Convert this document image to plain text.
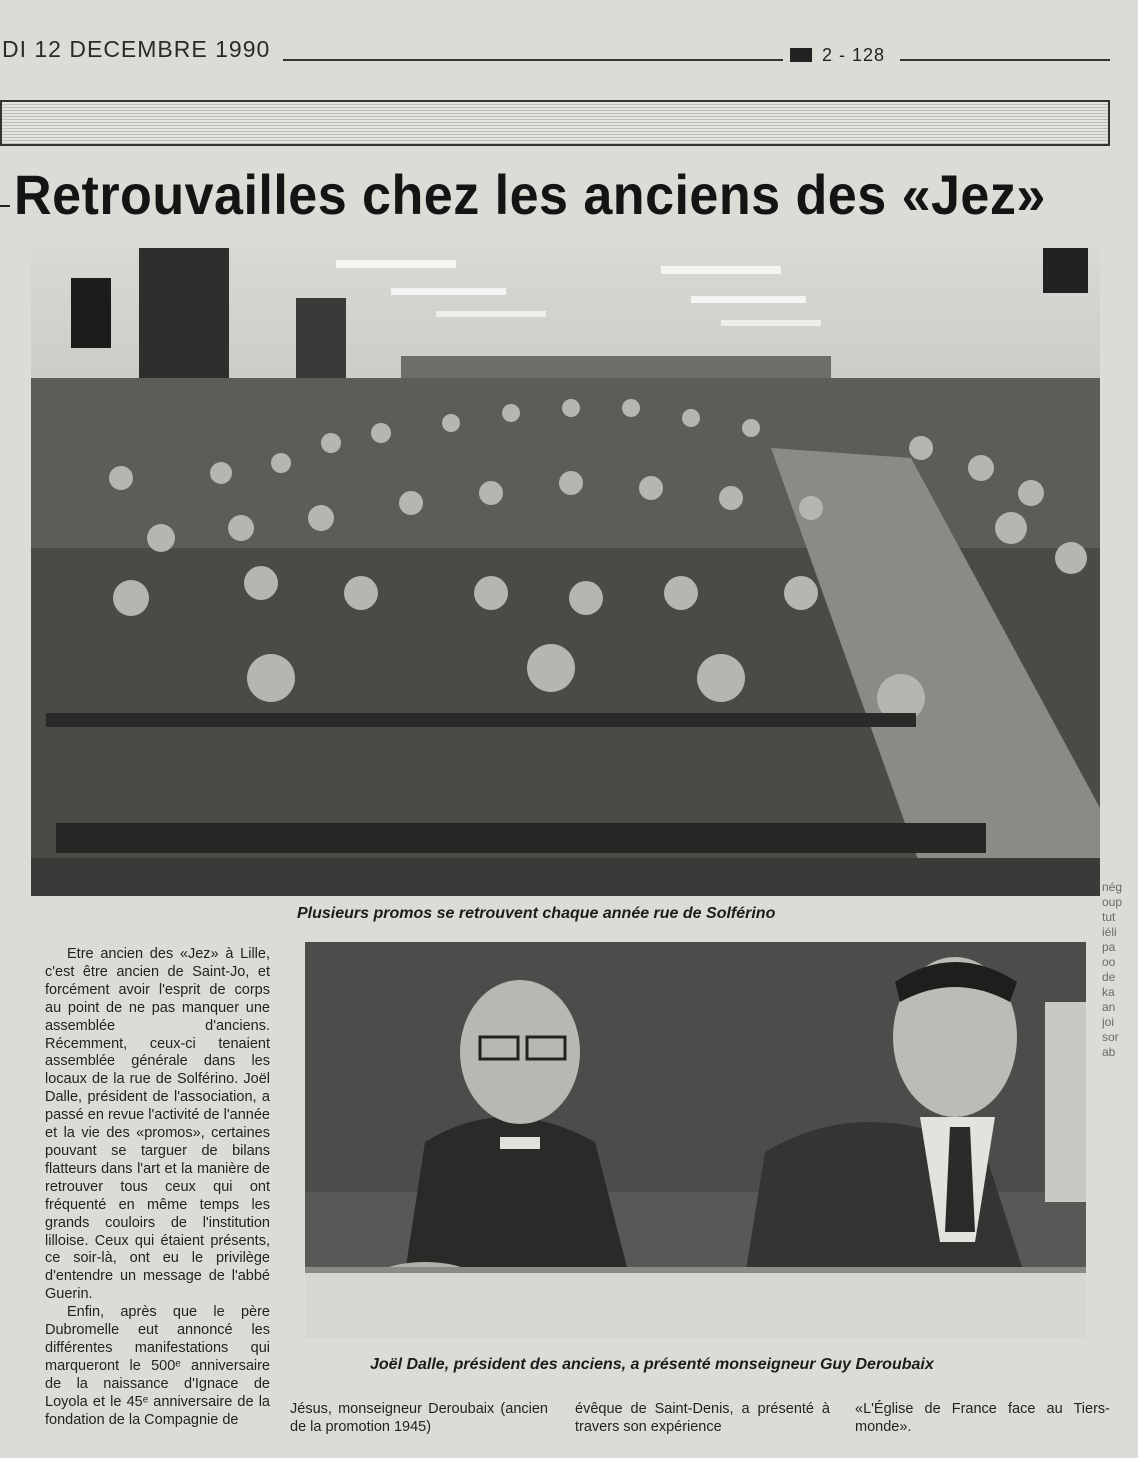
DI 12 DECEMBRE 1990	2 - 128
Retrouvailles chez les anciens des «Jez»
Plusieurs promos se retrouvent chaque année rue de Solférino
Joël Dalle, président des anciens, a présenté monseigneur Guy Deroubaix

Etre ancien des «Jez» à Lille, c'est être ancien de Saint-Jo, et forcément avoir l'esprit de corps au point de ne pas manquer une assemblée d'anciens. Récemment, ceux-ci tenaient assemblée générale dans les locaux de la rue de Solférino. Joël Dalle, président de l'association, a passé en revue l'activité de l'année et la vie des «promos», certaines pouvant se targuer de bilans flatteurs dans l'art et la manière de retrouver tous ceux qui ont fréquenté en même temps les grands couloirs de l'institution lilloise. Ceux qui étaient présents, ce soir-là, ont eu le privilège d'entendre un message de l'abbé Guerin.

Enfin, après que le père Dubromelle eut annoncé les différentes manifestations qui marqueront le 500ᵉ anniversaire de la naissance d'Ignace de Loyola et le 45ᵉ anniversaire de la fondation de la Compagnie de

Jésus, monseigneur Deroubaix (ancien de la promotion 1945)
évêque de Saint-Denis, a présenté à travers son expérience
«L'Église de France face au Tiers-monde».
nég
oup
tut
iéli
pa
oo
de
ka
an
joi
sor
ab
